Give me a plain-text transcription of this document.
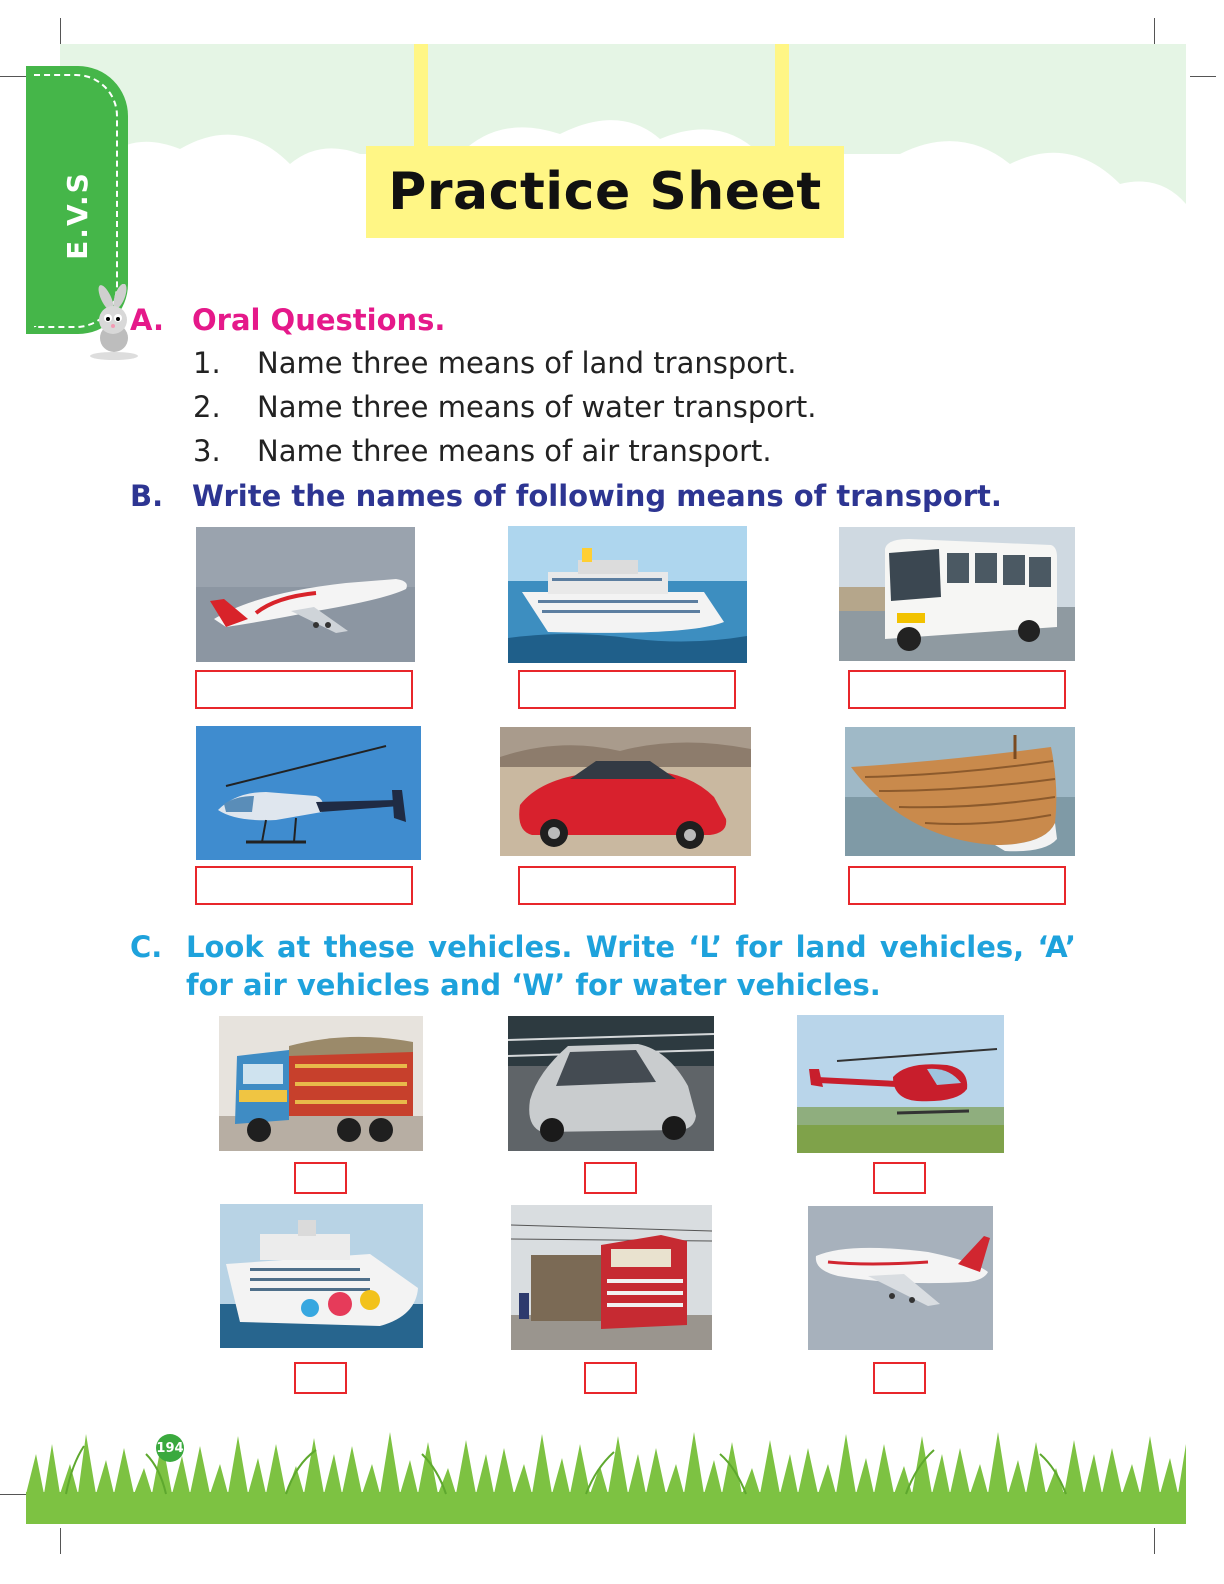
Practice Sheet
E.V.S
A. Oral Questions.
1. Name three means of land transport.
2. Name three means of water transport.
3. Name three means of air transport.
B. Write the names of following means of transport.
C. Look at these vehicles. Write ‘L’ for land vehicles, ‘A’ for air vehicles and ‘W’ for water vehicles.
194
